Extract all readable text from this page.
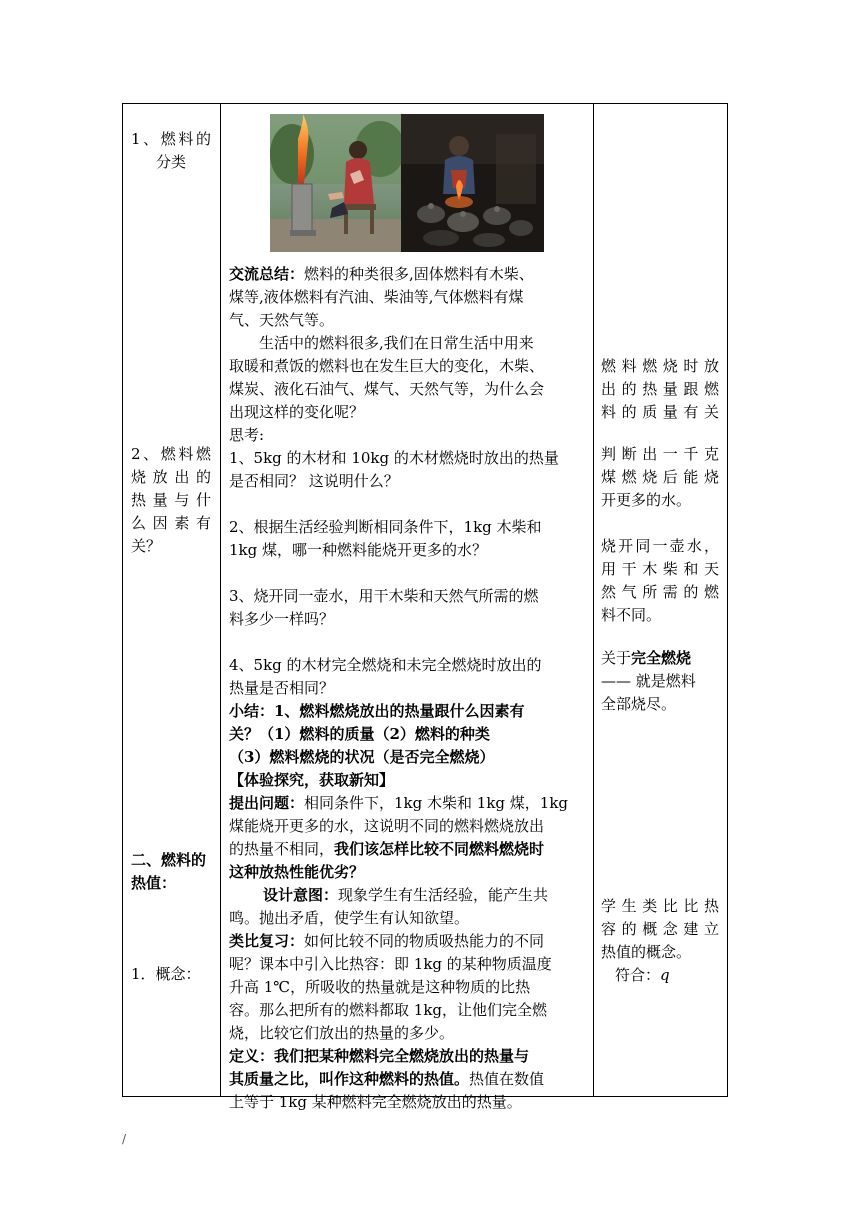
1、燃料的
分类
2、燃料燃
烧放出的
热量与什
么因素有
关？
二、燃料的
热值：
1．概念：
交流总结：燃料的种类很多,固体燃料有木柴、
煤等,液体燃料有汽油、柴油等,气体燃料有煤
气、天然气等。
生活中的燃料很多,我们在日常生活中用来
取暖和煮饭的燃料也在发生巨大的变化，木柴、
煤炭、液化石油气、煤气、天然气等，为什么会
出现这样的变化呢？
思考:
1、5kg 的木材和 10kg 的木材燃烧时放出的热量
是否相同？ 这说明什么？
2、根据生活经验判断相同条件下，1kg 木柴和
1kg 煤，哪一种燃料能烧开更多的水？
3、烧开同一壶水，用干木柴和天然气所需的燃
料多少一样吗？
4、5kg 的木材完全燃烧和未完全燃烧时放出的
热量是否相同？
小结：1、燃料燃烧放出的热量跟什么因素有
关？（1）燃料的质量（2）燃料的种类
（3）燃料燃烧的状况（是否完全燃烧）
【体验探究，获取新知】
提出问题：相同条件下，1kg 木柴和 1kg 煤，1kg
煤能烧开更多的水，这说明不同的燃料燃烧放出
的热量不相同，我们该怎样比较不同燃料燃烧时
这种放热性能优劣？
设计意图：现象学生有生活经验，能产生共
鸣。抛出矛盾，使学生有认知欲望。
类比复习：如何比较不同的物质吸热能力的不同
呢？课本中引入比热容：即 1kg 的某种物质温度
升高 1℃，所吸收的热量就是这种物质的比热
容。那么把所有的燃料都取 1kg，让他们完全燃
烧，比较它们放出的热量的多少。
定义：我们把某种燃料完全燃烧放出的热量与
其质量之比，叫作这种燃料的热值。热值在数值
上等于 1kg 某种燃料完全燃烧放出的热量。
燃料燃烧时放
出的热量跟燃
料的质量有关
判断出一千克
煤燃烧后能烧
开更多的水。
烧开同一壶水，
用干木柴和天
然气所需的燃
料不同。
关于完全燃烧
—— 就是燃料
全部烧尽。
学生类比比热
容的概念建立
热值的概念。
符合：q
/
